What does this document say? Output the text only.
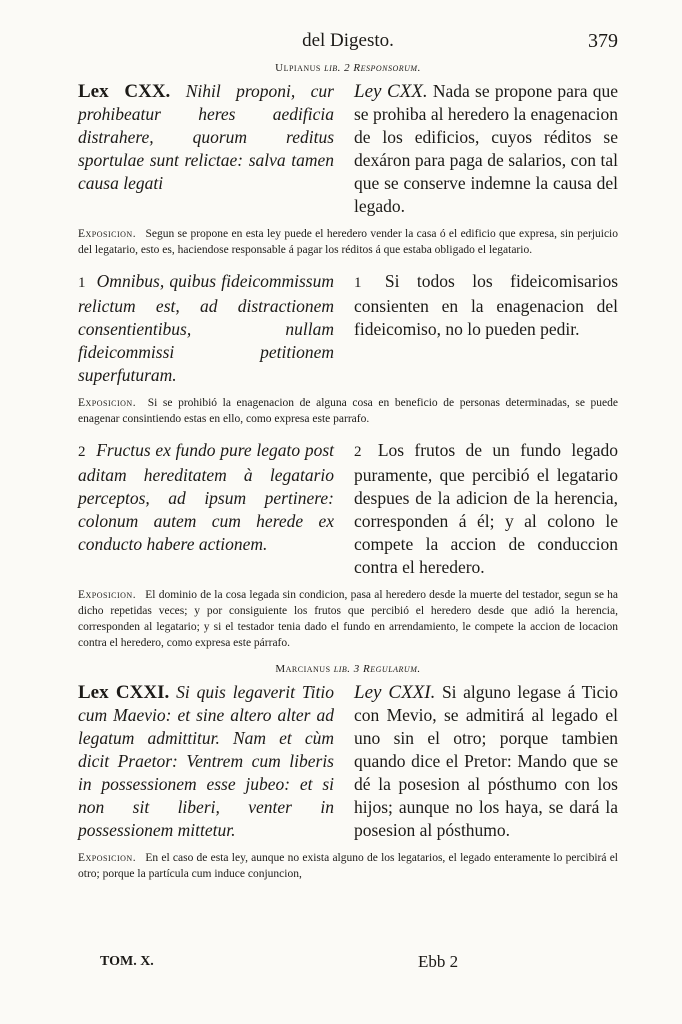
del Digesto.	379
Ulpianus lib. 2 Responsorum.
Lex CXX. Nihil proponi, cur prohibeatur heres aedificia distrahere, quorum reditus sportulae sunt relictae: salva tamen causa legati
Ley CXX. Nada se propone para que se prohiba al heredero la enagenacion de los edificios, cuyos réditos se dexáron para paga de salarios, con tal que se conserve indemne la causa del legado.
Exposicion. Segun se propone en esta ley puede el heredero vender la casa ó el edificio que expresa, sin perjuicio del legatario, esto es, haciendose responsable á pagar los réditos á que estaba obligado el legatario.
1 Omnibus, quibus fideicommissum relictum est, ad distractionem consentientibus, nullam fideicommissi petitionem superfuturam.
1 Si todos los fideicomisarios consienten en la enagenacion del fideicomiso, no lo pueden pedir.
Exposicion. Si se prohibió la enagenacion de alguna cosa en beneficio de personas determinadas, se puede enagenar consintiendo estas en ello, como expresa este parrafo.
2 Fructus ex fundo pure legato post aditam hereditatem à legatario perceptos, ad ipsum pertinere: colonum autem cum herede ex conducto habere actionem.
2 Los frutos de un fundo legado puramente, que percibió el legatario despues de la adicion de la herencia, corresponden á él; y al colono le compete la accion de conduccion contra el heredero.
Exposicion. El dominio de la cosa legada sin condicion, pasa al heredero desde la muerte del testador, segun se ha dicho repetidas veces; y por consiguiente los frutos que percibió el heredero desde que adió la herencia, corresponden al legatario; y si el testador tenia dado el fundo en arrendamiento, le compete la accion de locacion contra el heredero, como expresa este párrafo.
Marcianus lib. 3 Regularum.
Lex CXXI. Si quis legaverit Titio cum Maevio: et sine altero alter ad legatum admittitur. Nam et cùm dicit Praetor: Ventrem cum liberis in possessionem esse jubeo: et si non sit liberi, venter in possessionem mittetur.
Ley CXXI. Si alguno legase á Ticio con Mevio, se admitirá al legado el uno sin el otro; porque tambien quando dice el Pretor: Mando que se dé la posesion al pósthumo con los hijos; aunque no los haya, se dará la posesion al pósthumo.
Exposicion. En el caso de esta ley, aunque no exista alguno de los legatarios, el legado enteramente lo percibirá el otro; porque la partícula cum induce conjuncion,
TOM. X.	Ebb 2
